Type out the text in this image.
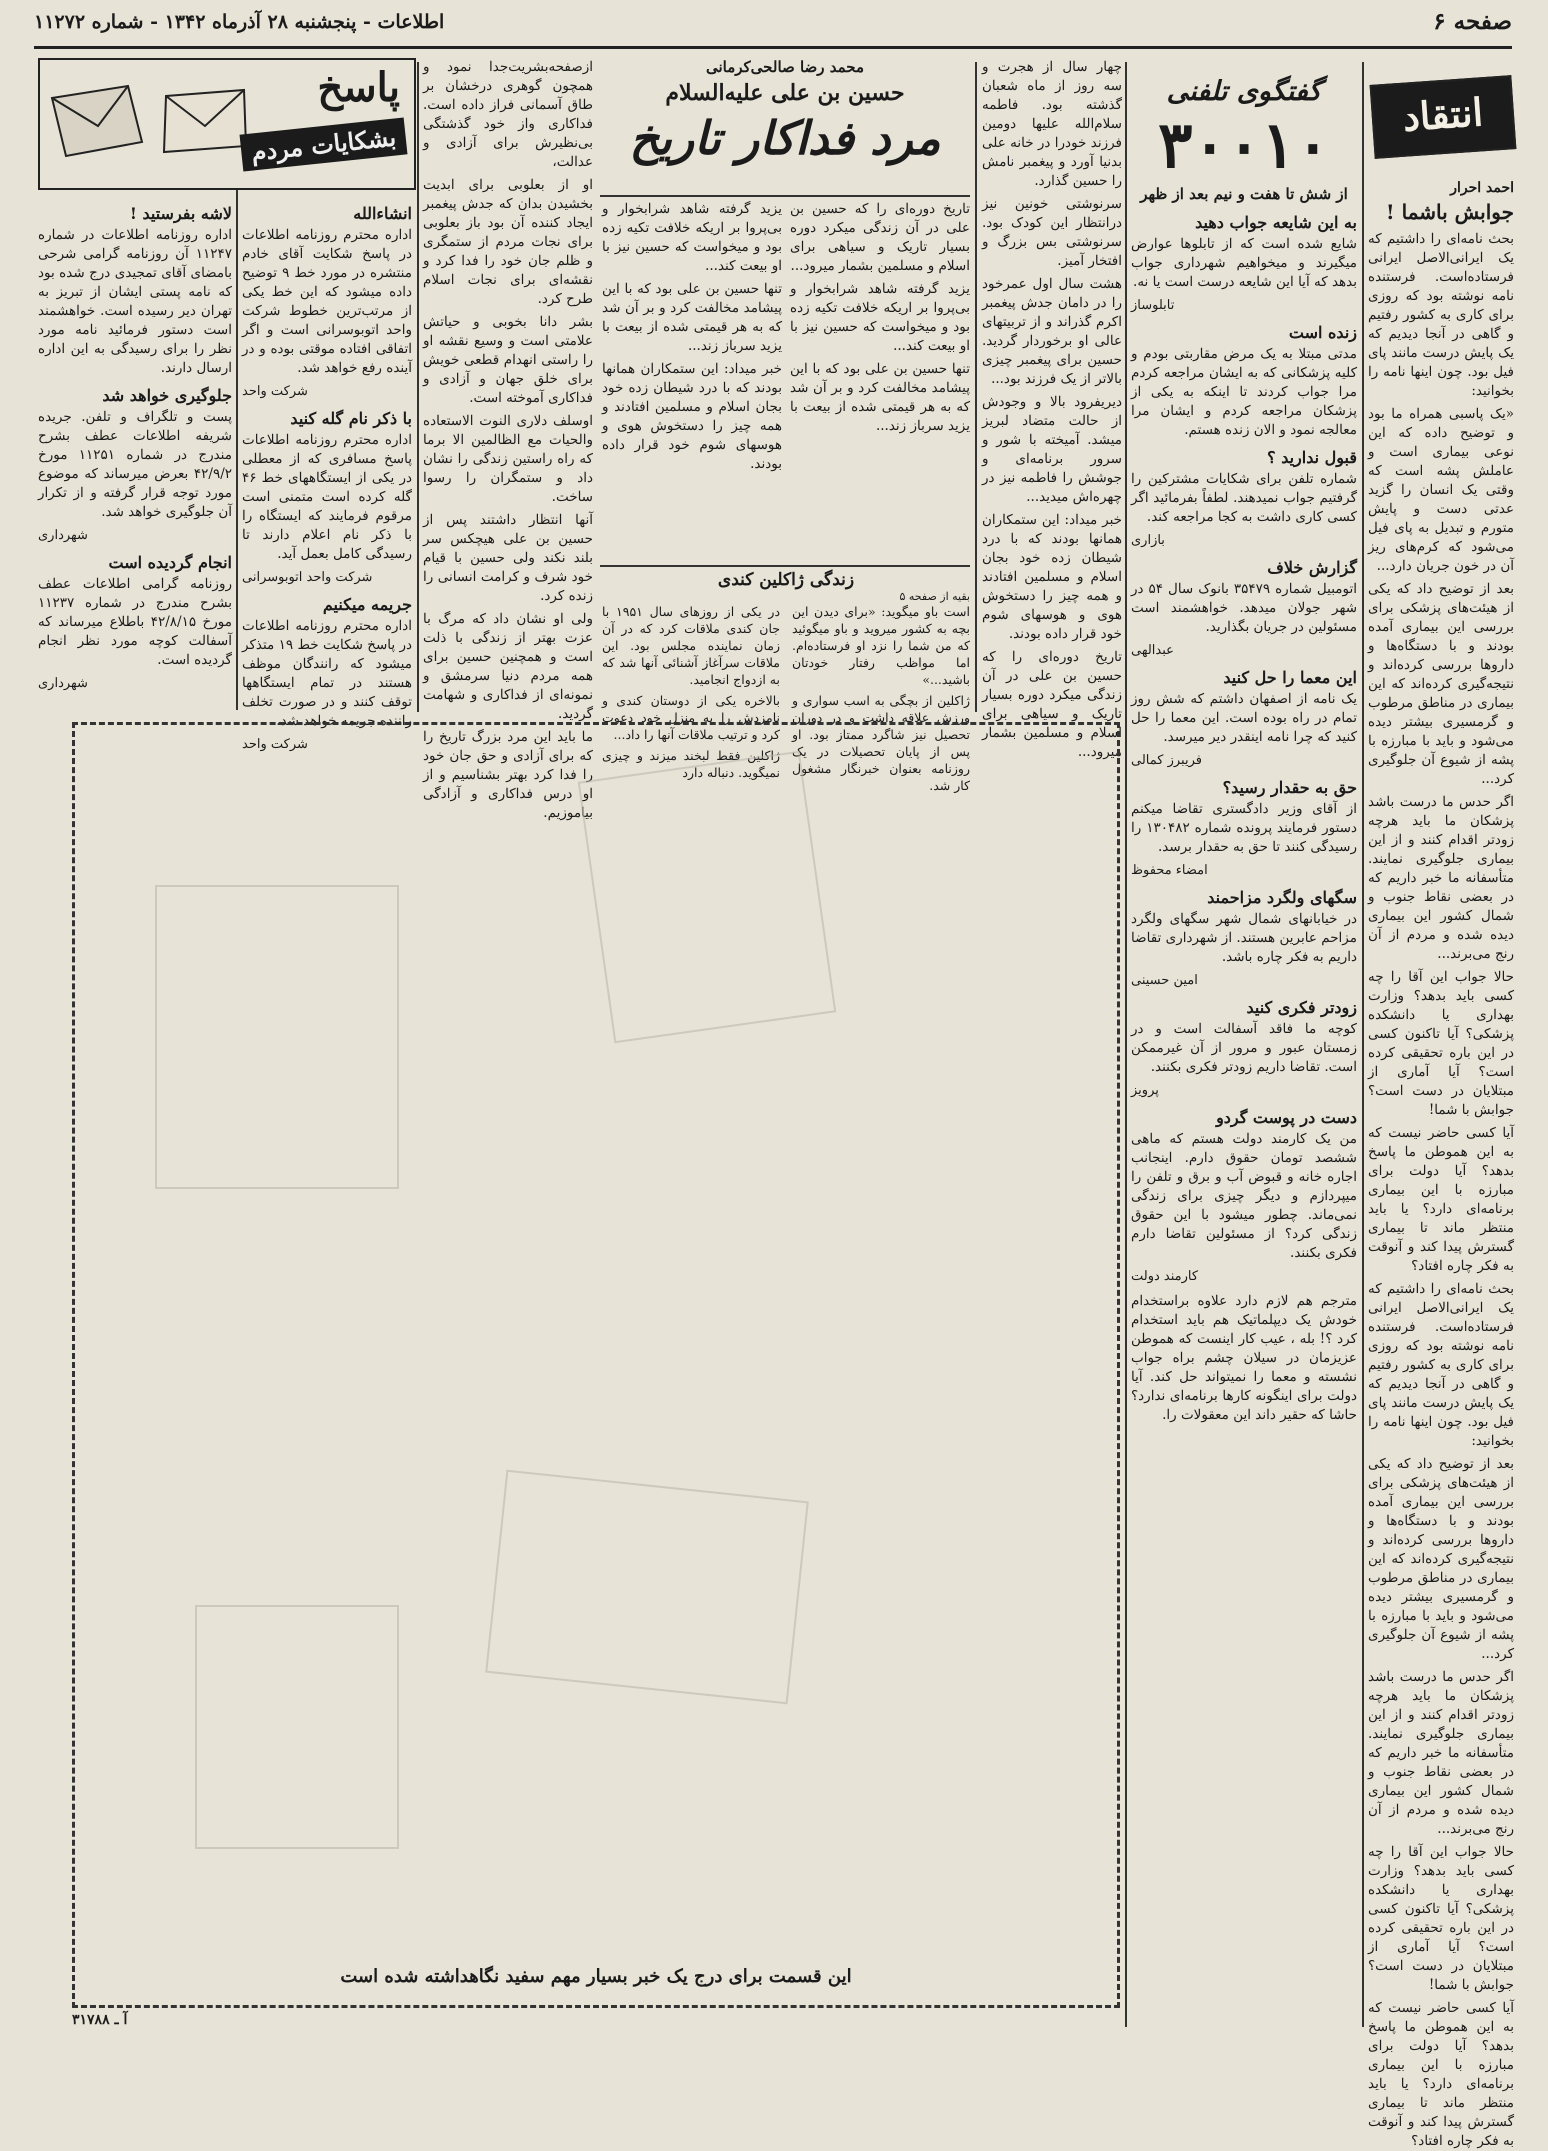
صفحه ۶
اطلاعات - پنجشنبه ۲۸ آذرماه ۱۳۴۲ - شماره ۱۱۲۷۲
انتقاد
احمد احرار
جوابش باشما !

بحث نامه‌ای را داشتیم که یک ایرانی‌الاصل ایرانی فرستاده‌است. فرستنده نامه نوشته بود که روزی برای کاری به کشور رفتیم و گاهی در آنجا دیدیم که یک پایش درست مانند پای فیل بود. چون اینها نامه را بخوانید:

«یک پاسبی همراه ما بود و توضیح داده که این نوعی بیماری است و عاملش پشه است که وقتی یک انسان را گزید عدتی دست و پایش متورم و تبدیل به پای فیل می‌شود که کرم‌های ریز آن در خون جریان دارد...

بعد از توضیح داد که یکی از هیئت‌های پزشکی برای بررسی این بیماری آمده بودند و با دستگاه‌ها و داروها بررسی کرده‌اند و نتیجه‌گیری کرده‌اند که این بیماری در مناطق مرطوب و گرمسیری بیشتر دیده می‌شود و باید با مبارزه با پشه از شیوع آن جلوگیری کرد...

اگر حدس ما درست باشد پزشکان ما باید هرچه زودتر اقدام کنند و از این بیماری جلوگیری نمایند. متأسفانه ما خبر داریم که در بعضی نقاط جنوب و شمال کشور این بیماری دیده شده و مردم از آن رنج می‌برند...

حالا جواب این آقا را چه کسی باید بدهد؟ وزارت بهداری یا دانشکده پزشکی؟ آیا تاکنون کسی در این باره تحقیقی کرده است؟ آیا آماری از مبتلایان در دست است؟ جوابش با شما!

آیا کسی حاضر نیست که به این هموطن ما پاسخ بدهد؟ آیا دولت برای مبارزه با این بیماری برنامه‌ای دارد؟ یا باید منتظر ماند تا بیماری گسترش پیدا کند و آنوقت به فکر چاره افتاد؟

بحث نامه‌ای را داشتیم که یک ایرانی‌الاصل ایرانی فرستاده‌است. فرستنده نامه نوشته بود که روزی برای کاری به کشور رفتیم و گاهی در آنجا دیدیم که یک پایش درست مانند پای فیل بود. چون اینها نامه را بخوانید:

بعد از توضیح داد که یکی از هیئت‌های پزشکی برای بررسی این بیماری آمده بودند و با دستگاه‌ها و داروها بررسی کرده‌اند و نتیجه‌گیری کرده‌اند که این بیماری در مناطق مرطوب و گرمسیری بیشتر دیده می‌شود و باید با مبارزه با پشه از شیوع آن جلوگیری کرد...

اگر حدس ما درست باشد پزشکان ما باید هرچه زودتر اقدام کنند و از این بیماری جلوگیری نمایند. متأسفانه ما خبر داریم که در بعضی نقاط جنوب و شمال کشور این بیماری دیده شده و مردم از آن رنج می‌برند...

حالا جواب این آقا را چه کسی باید بدهد؟ وزارت بهداری یا دانشکده پزشکی؟ آیا تاکنون کسی در این باره تحقیقی کرده است؟ آیا آماری از مبتلایان در دست است؟ جوابش با شما!

آیا کسی حاضر نیست که به این هموطن ما پاسخ بدهد؟ آیا دولت برای مبارزه با این بیماری برنامه‌ای دارد؟ یا باید منتظر ماند تا بیماری گسترش پیدا کند و آنوقت به فکر چاره افتاد؟

گفتگوی تلفنی
۳۰۰۱۰
از شش تا هفت و نیم بعد از ظهر
به این شایعه جواب دهید

شایع شده است که از تابلوها عوارض میگیرند و میخواهیم شهرداری جواب بدهد که آیا این شایعه درست است یا نه.

تابلوساز
زنده است

مدتی مبتلا به یک مرض مقاربتی بودم و کلیه پزشکانی که به ایشان مراجعه کردم مرا جواب کردند تا اینکه به یکی از پزشکان مراجعه کردم و ایشان مرا معالجه نمود و الان زنده هستم.

قبول ندارید ؟

شماره تلفن برای شکایات مشترکین را گرفتیم جواب نمیدهند. لطفاً بفرمائید اگر کسی کاری داشت به کجا مراجعه کند.

بازاری
گزارش خلاف

اتومبیل شماره ۳۵۴۷۹ بانوک سال ۵۴ در شهر جولان میدهد. خواهشمند است مسئولین در جریان بگذارید.

عبدالهی
این معما را حل کنید

یک نامه از اصفهان داشتم که شش روز تمام در راه بوده است. این معما را حل کنید که چرا نامه اینقدر دیر میرسد.

فریبرز کمالی
حق به حقدار رسید؟

از آقای وزیر دادگستری تقاضا میکنم دستور فرمایند پرونده شماره ۱۳۰۴۸۲ را رسیدگی کنند تا حق به حقدار برسد.

امضاء محفوظ
سگهای ولگرد مزاحمند

در خیابانهای شمال شهر سگهای ولگرد مزاحم عابرین هستند. از شهرداری تقاضا داریم به فکر چاره باشد.

امین حسینی
زودتر فکری کنید

کوچه ما فاقد آسفالت است و در زمستان عبور و مرور از آن غیرممکن است. تقاضا داریم زودتر فکری بکنند.

پرویز
دست در پوست گردو

من یک کارمند دولت هستم که ماهی ششصد تومان حقوق دارم. اینجانب اجاره خانه و قبوض آب و برق و تلفن را میپردازم و دیگر چیزی برای زندگی نمی‌ماند. چطور میشود با این حقوق زندگی کرد؟ از مسئولین تقاضا دارم فکری بکنند.

کارمند دولت

مترجم هم لازم دارد علاوه براستخدام خودش یک دیپلماتیک هم باید استخدام کرد ؟! بله ، عیب کار اینست که هموطن عزیزمان در سیلان چشم براه جواب نشسته و معما را نمیتواند حل کند. آیا دولت برای اینگونه کارها برنامه‌ای ندارد؟ حاشا که حقیر داند این معقولات را.

چهار سال از هجرت و سه روز از ماه شعبان گذشته بود. فاطمه سلام‌الله علیها دومین فرزند خودرا در خانه علی بدنیا آورد و پیغمبر نامش را حسین گذارد.

سرنوشتی خونین نیز درانتظار این کودک بود. سرنوشتی بس بزرگ و افتخار آمیز.

هشت سال اول عمرخود را در دامان جدش پیغمبر اکرم گذراند و از تربیتهای عالی او برخوردار گردید. حسین برای پیغمبر چیزی بالاتر از یک فرزند بود...

دیریفرود بالا و وجودش از حالت متضاد لبریز میشد. آمیخته با شور و سرور برنامه‌ای و جوشش را فاطمه نیز در چهره‌اش میدید...

خبر میداد: این ستمکاران همانها بودند که با درد شیطان زده خود بجان اسلام و مسلمین افتادند و همه چیز را دستخوش هوی و هوسهای شوم خود قرار داده بودند.

تاریخ دوره‌ای را که حسین بن علی در آن زندگی میکرد دوره بسیار تاریک و سیاهی برای اسلام و مسلمین بشمار میرود...

محمد رضا صالحی‌کرمانی
حسین بن علی علیه‌السلام
مرد فداکار تاریخ

یزید گرفته شاهد شرابخوار و بی‌پروا بر اریکه خلافت تکیه زده بود و میخواست که حسین نیز با او بیعت کند...

تنها حسین بن علی بود که با این پیشامد مخالفت کرد و بر آن شد که به هر قیمتی شده از بیعت با یزید سرباز زند...

خبر میداد: این ستمکاران همانها بودند که با درد شیطان زده خود بجان اسلام و مسلمین افتادند و همه چیز را دستخوش هوی و هوسهای شوم خود قرار داده بودند.

تاریخ دوره‌ای را که حسین بن علی در آن زندگی میکرد دوره بسیار تاریک و سیاهی برای اسلام و مسلمین بشمار میرود...

یزید گرفته شاهد شرابخوار و بی‌پروا بر اریکه خلافت تکیه زده بود و میخواست که حسین نیز با او بیعت کند...

تنها حسین بن علی بود که با این پیشامد مخالفت کرد و بر آن شد که به هر قیمتی شده از بیعت با یزید سرباز زند...

ازصفحه‌بشریت‌جدا نمود و همچون گوهری درخشان بر طاق آسمانی فراز داده است. فداکاری واز خود گذشتگی بی‌نظیرش برای آزادی و عدالت،

او از بعلوبی برای ابدیت بخشیدن بدان که جدش پیغمبر ایجاد کننده آن بود باز بعلوبی برای نجات مردم از ستمگری و ظلم جان خود را فدا کرد و نقشه‌ای برای نجات اسلام طرح کرد.

بشر دانا بخوبی و حیاتش علامتی است و وسیع نقشه او را راستی انهدام قطعی خویش برای خلق جهان و آزادی و فداکاری آموخته است.

اوسلف دلاری النوت الاستعاده والحیات مع الظالمین الا برما که راه راستین زندگی را نشان داد و ستمگران را رسوا ساخت.

آنها انتظار داشتند پس از حسین بن علی هیچکس سر بلند نکند ولی حسین با قیام خود شرف و کرامت انسانی را زنده کرد.

ولی او نشان داد که مرگ با عزت بهتر از زندگی با ذلت است و همچنین حسین برای همه مردم دنیا سرمشق و نمونه‌ای از فداکاری و شهامت گردید.

ما باید این مرد بزرگ تاریخ را که برای آزادی و حق جان خود را فدا کرد بهتر بشناسیم و از او درس فداکاری و آزادگی بیاموزیم.

زندگی ژاکلین کندی
بقیه از صفحه ۵

است باو میگوید: «برای دیدن این بچه به کشور میروید و باو میگوئید که من شما را نزد او فرستاده‌ام. اما مواظب رفتار خودتان باشید...»

ژاکلین از بچگی به اسب سواری و ورزش علاقه داشت و در دوران تحصیل نیز شاگرد ممتاز بود. او پس از پایان تحصیلات در یک روزنامه بعنوان خبرنگار مشغول کار شد.

در یکی از روزهای سال ۱۹۵۱ با جان کندی ملاقات کرد که در آن زمان نماینده مجلس بود. این ملاقات سرآغاز آشنائی آنها شد که به ازدواج انجامید.

بالاخره یکی از دوستان کندی و نامزدش را به منزل خود دعوت کرد و ترتیب ملاقات آنها را داد...

ژاکلین فقط لبخند میزند و چیزی نمیگوید. دنباله دارد

پاسخ
بشکایات مردم
انشاءالله

اداره محترم روزنامه اطلاعات در پاسخ شکایت آقای خادم منتشره در مورد خط ۹ توضیح داده میشود که این خط یکی از مرتب‌ترین خطوط شرکت واحد اتوبوسرانی است و اگر اتفاقی افتاده موقتی بوده و در آینده رفع خواهد شد.

شرکت واحد
با ذکر نام گله کنید

اداره محترم روزنامه اطلاعات پاسخ مسافری که از معطلی در یکی از ایستگاههای خط ۴۶ گله کرده است متمنی است مرقوم فرمایند که ایستگاه را با ذکر نام اعلام دارند تا رسیدگی کامل بعمل آید.

شرکت واحد اتوبوسرانی
جریمه میکنیم

اداره محترم روزنامه اطلاعات در پاسخ شکایت خط ۱۹ متذکر میشود که رانندگان موظف هستند در تمام ایستگاهها توقف کنند و در صورت تخلف راننده جریمه خواهد شد.

شرکت واحد
لاشه بفرستید !

اداره روزنامه اطلاعات در شماره ۱۱۲۴۷ آن روزنامه گرامی شرحی بامضای آقای تمجیدی درج شده بود که نامه پستی ایشان از تبریز به تهران دیر رسیده است. خواهشمند است دستور فرمائید نامه مورد نظر را برای رسیدگی به این اداره ارسال دارند.

جلوگیری خواهد شد

پست و تلگراف و تلفن. جریده شریفه اطلاعات عطف بشرح مندرج در شماره ۱۱۲۵۱ مورخ ۴۲/۹/۲ بعرض میرساند که موضوع مورد توجه قرار گرفته و از تکرار آن جلوگیری خواهد شد.

شهرداری
انجام گردیده است

روزنامه گرامی اطلاعات عطف بشرح مندرج در شماره ۱۱۲۳۷ مورخ ۴۲/۸/۱۵ باطلاع میرساند که آسفالت کوچه مورد نظر انجام گردیده است.

شهرداری
این قسمت برای درج یک خبر بسیار مهم سفید نگاهداشته شده است
آ ـ ۳۱۷۸۸
